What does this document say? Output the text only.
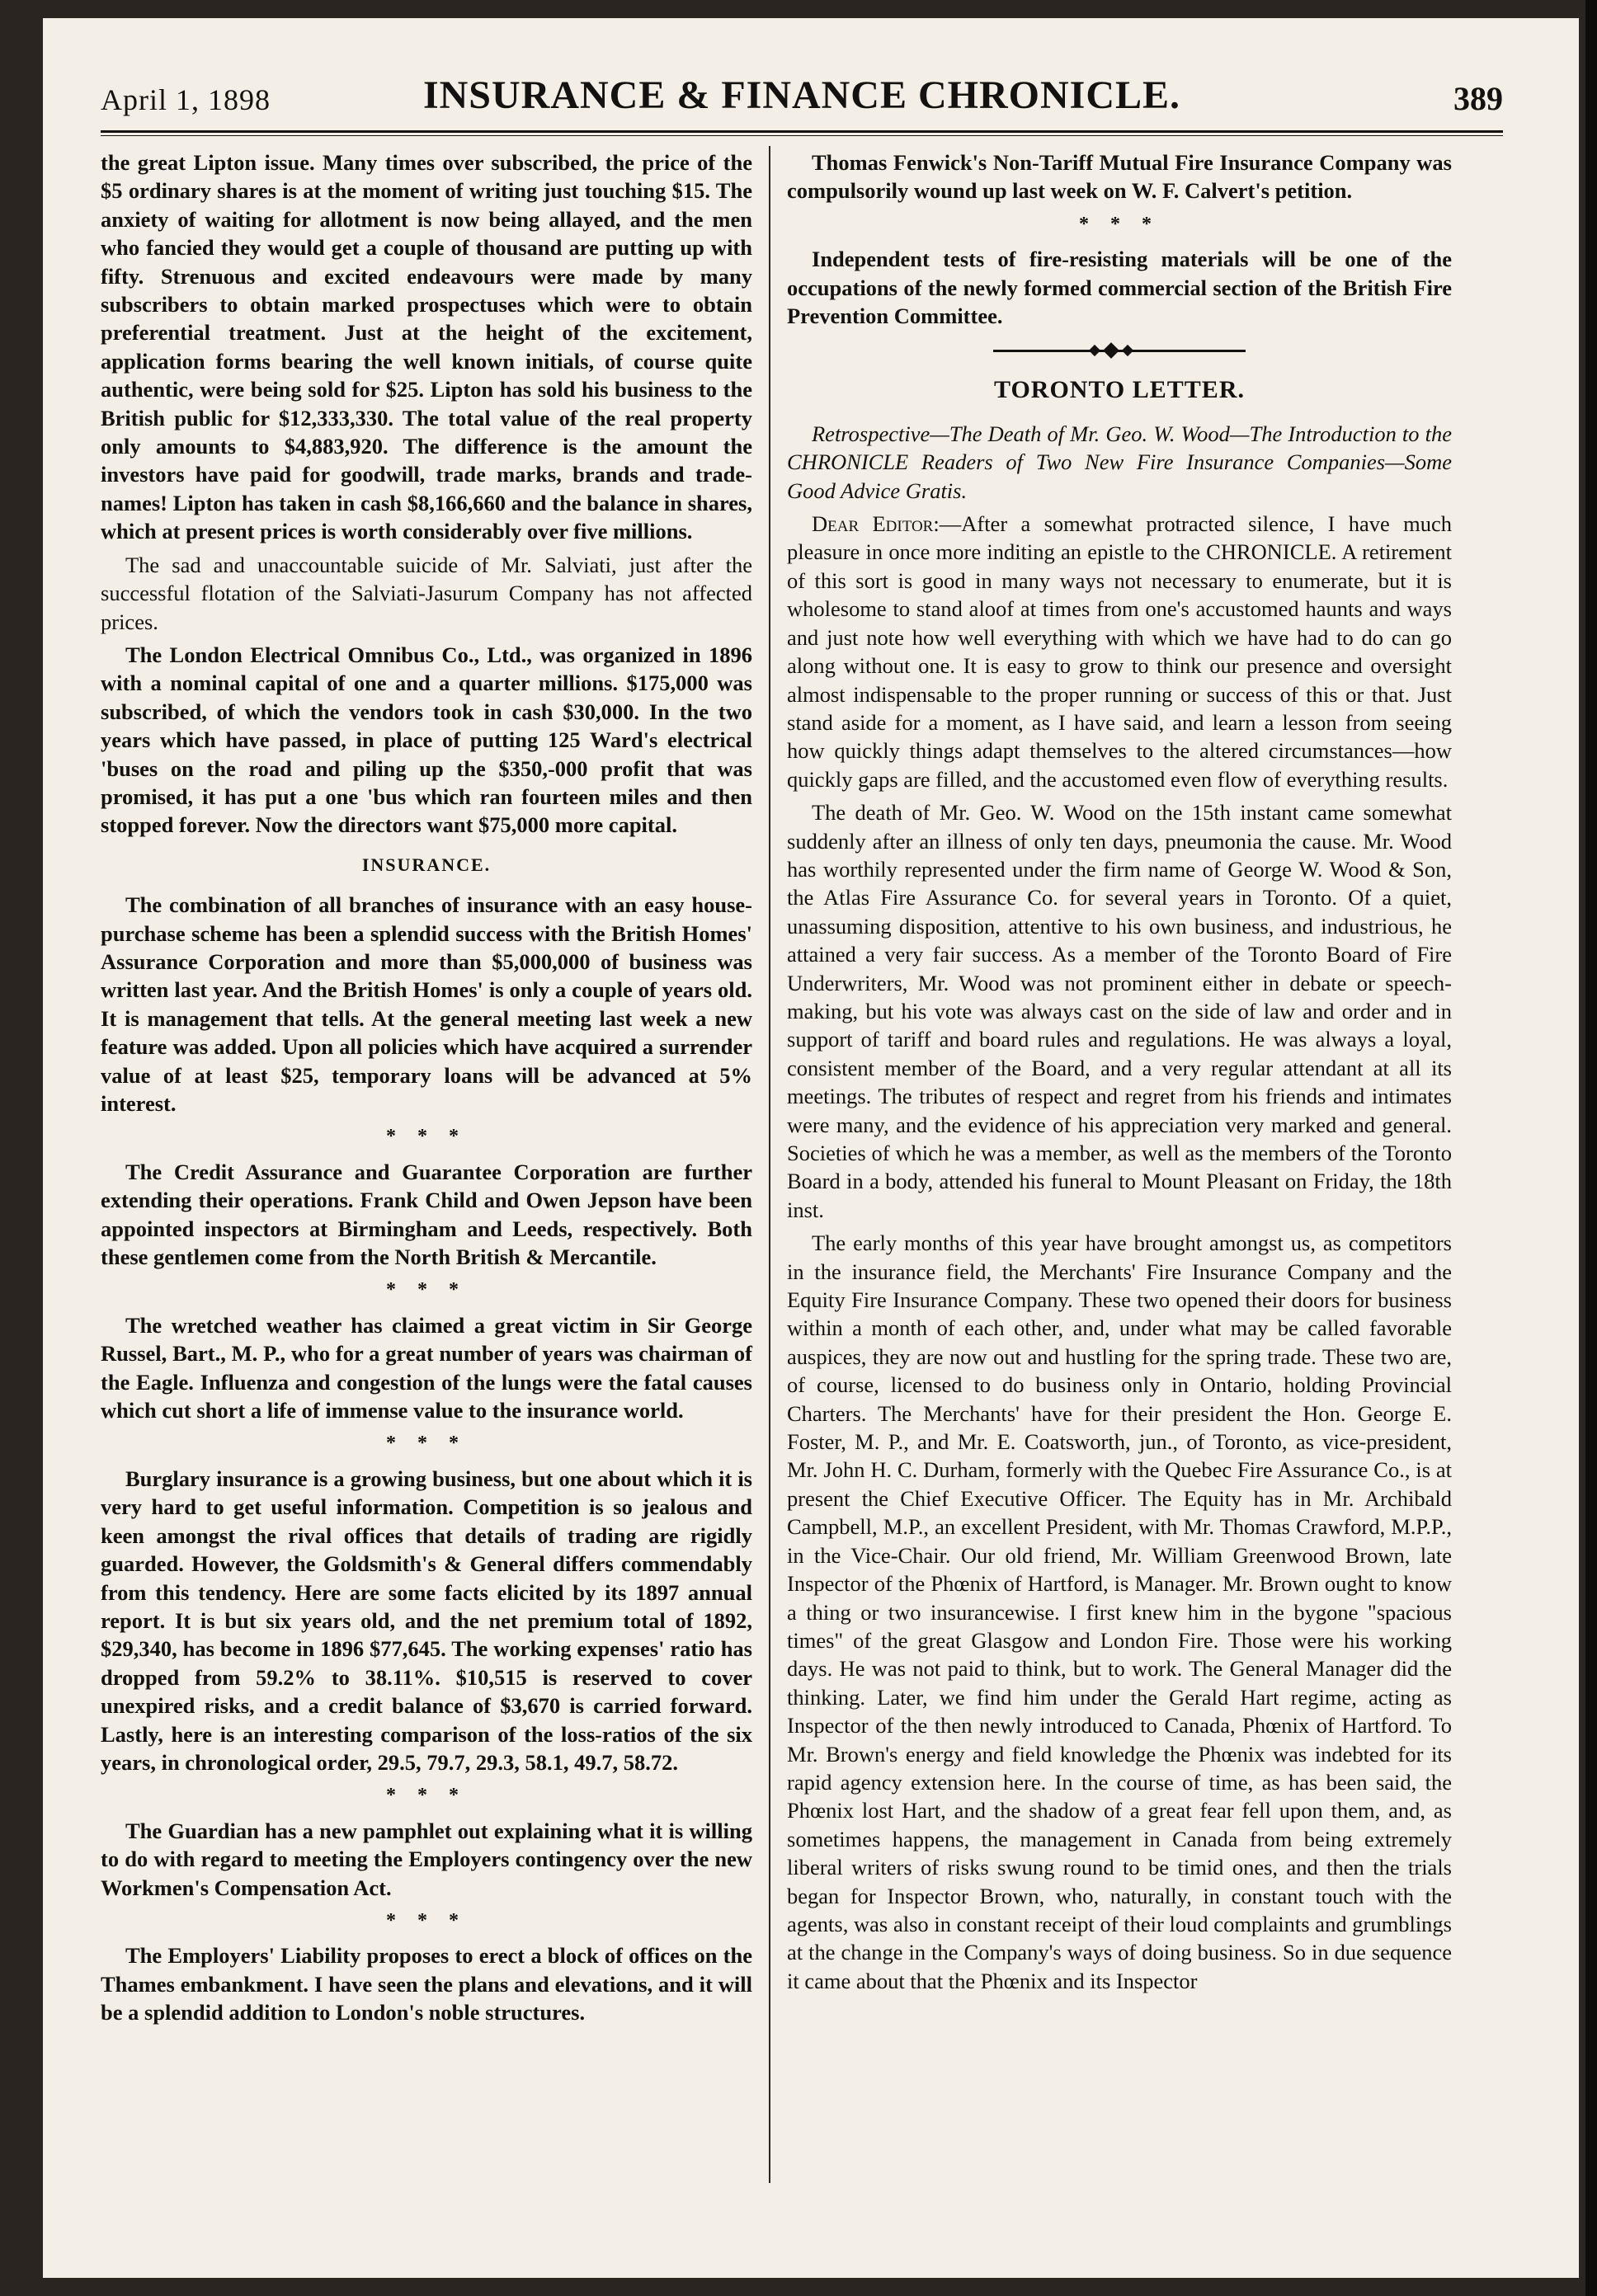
April 1, 1898	INSURANCE & FINANCE CHRONICLE.	389

the great Lipton issue. Many times over subscribed, the price of the $5 ordinary shares is at the moment of writing just touching $15. The anxiety of waiting for allotment is now being allayed, and the men who fancied they would get a couple of thousand are putting up with fifty. Strenuous and excited endeavours were made by many subscribers to obtain marked prospectuses which were to obtain preferential treatment. Just at the height of the excitement, application forms bearing the well known initials, of course quite authentic, were being sold for $25. Lipton has sold his business to the British public for $12,333,330. The total value of the real property only amounts to $4,883,920. The difference is the amount the investors have paid for goodwill, trade marks, brands and trade-names! Lipton has taken in cash $8,166,660 and the balance in shares, which at present prices is worth considerably over five millions.

The sad and unaccountable suicide of Mr. Salviati, just after the successful flotation of the Salviati-Jasurum Company has not affected prices.

The London Electrical Omnibus Co., Ltd., was organized in 1896 with a nominal capital of one and a quarter millions. $175,000 was subscribed, of which the vendors took in cash $30,000. In the two years which have passed, in place of putting 125 Ward's electrical 'buses on the road and piling up the $350,-000 profit that was promised, it has put a one 'bus which ran fourteen miles and then stopped forever. Now the directors want $75,000 more capital.

INSURANCE.

The combination of all branches of insurance with an easy house-purchase scheme has been a splendid success with the British Homes' Assurance Corporation and more than $5,000,000 of business was written last year. And the British Homes' is only a couple of years old. It is management that tells. At the general meeting last week a new feature was added. Upon all policies which have acquired a surrender value of at least $25, temporary loans will be advanced at 5% interest.

* * *

The Credit Assurance and Guarantee Corporation are further extending their operations. Frank Child and Owen Jepson have been appointed inspectors at Birmingham and Leeds, respectively. Both these gentlemen come from the North British & Mercantile.

* * *

The wretched weather has claimed a great victim in Sir George Russel, Bart., M. P., who for a great number of years was chairman of the Eagle. Influenza and congestion of the lungs were the fatal causes which cut short a life of immense value to the insurance world.

* * *

Burglary insurance is a growing business, but one about which it is very hard to get useful information. Competition is so jealous and keen amongst the rival offices that details of trading are rigidly guarded. However, the Goldsmith's & General differs commendably from this tendency. Here are some facts elicited by its 1897 annual report. It is but six years old, and the net premium total of 1892, $29,340, has become in 1896 $77,645. The working expenses' ratio has dropped from 59.2% to 38.11%. $10,515 is reserved to cover unexpired risks, and a credit balance of $3,670 is carried forward. Lastly, here is an interesting comparison of the loss-ratios of the six years, in chronological order, 29.5, 79.7, 29.3, 58.1, 49.7, 58.72.

* * *

The Guardian has a new pamphlet out explaining what it is willing to do with regard to meeting the Employers contingency over the new Workmen's Compensation Act.

* * *

The Employers' Liability proposes to erect a block of offices on the Thames embankment. I have seen the plans and elevations, and it will be a splendid addition to London's noble structures.

Thomas Fenwick's Non-Tariff Mutual Fire Insurance Company was compulsorily wound up last week on W. F. Calvert's petition.

* * *

Independent tests of fire-resisting materials will be one of the occupations of the newly formed commercial section of the British Fire Prevention Committee.

TORONTO LETTER.

Retrospective—The Death of Mr. Geo. W. Wood—The Introduction to the CHRONICLE Readers of Two New Fire Insurance Companies—Some Good Advice Gratis.

Dear Editor:—After a somewhat protracted silence, I have much pleasure in once more inditing an epistle to the CHRONICLE. A retirement of this sort is good in many ways not necessary to enumerate, but it is wholesome to stand aloof at times from one's accustomed haunts and ways and just note how well everything with which we have had to do can go along without one. It is easy to grow to think our presence and oversight almost indispensable to the proper running or success of this or that. Just stand aside for a moment, as I have said, and learn a lesson from seeing how quickly things adapt themselves to the altered circumstances—how quickly gaps are filled, and the accustomed even flow of everything results.

The death of Mr. Geo. W. Wood on the 15th instant came somewhat suddenly after an illness of only ten days, pneumonia the cause. Mr. Wood has worthily represented under the firm name of George W. Wood & Son, the Atlas Fire Assurance Co. for several years in Toronto. Of a quiet, unassuming disposition, attentive to his own business, and industrious, he attained a very fair success. As a member of the Toronto Board of Fire Underwriters, Mr. Wood was not prominent either in debate or speech-making, but his vote was always cast on the side of law and order and in support of tariff and board rules and regulations. He was always a loyal, consistent member of the Board, and a very regular attendant at all its meetings. The tributes of respect and regret from his friends and intimates were many, and the evidence of his appreciation very marked and general. Societies of which he was a member, as well as the members of the Toronto Board in a body, attended his funeral to Mount Pleasant on Friday, the 18th inst.

The early months of this year have brought amongst us, as competitors in the insurance field, the Merchants' Fire Insurance Company and the Equity Fire Insurance Company. These two opened their doors for business within a month of each other, and, under what may be called favorable auspices, they are now out and hustling for the spring trade. These two are, of course, licensed to do business only in Ontario, holding Provincial Charters. The Merchants' have for their president the Hon. George E. Foster, M. P., and Mr. E. Coatsworth, jun., of Toronto, as vice-president, Mr. John H. C. Durham, formerly with the Quebec Fire Assurance Co., is at present the Chief Executive Officer. The Equity has in Mr. Archibald Campbell, M.P., an excellent President, with Mr. Thomas Crawford, M.P.P., in the Vice-Chair. Our old friend, Mr. William Greenwood Brown, late Inspector of the Phœnix of Hartford, is Manager. Mr. Brown ought to know a thing or two insurancewise. I first knew him in the bygone "spacious times" of the great Glasgow and London Fire. Those were his working days. He was not paid to think, but to work. The General Manager did the thinking. Later, we find him under the Gerald Hart regime, acting as Inspector of the then newly introduced to Canada, Phœnix of Hartford. To Mr. Brown's energy and field knowledge the Phœnix was indebted for its rapid agency extension here. In the course of time, as has been said, the Phœnix lost Hart, and the shadow of a great fear fell upon them, and, as sometimes happens, the management in Canada from being extremely liberal writers of risks swung round to be timid ones, and then the trials began for Inspector Brown, who, naturally, in constant touch with the agents, was also in constant receipt of their loud complaints and grumblings at the change in the Company's ways of doing business. So in due sequence it came about that the Phœnix and its Inspector
